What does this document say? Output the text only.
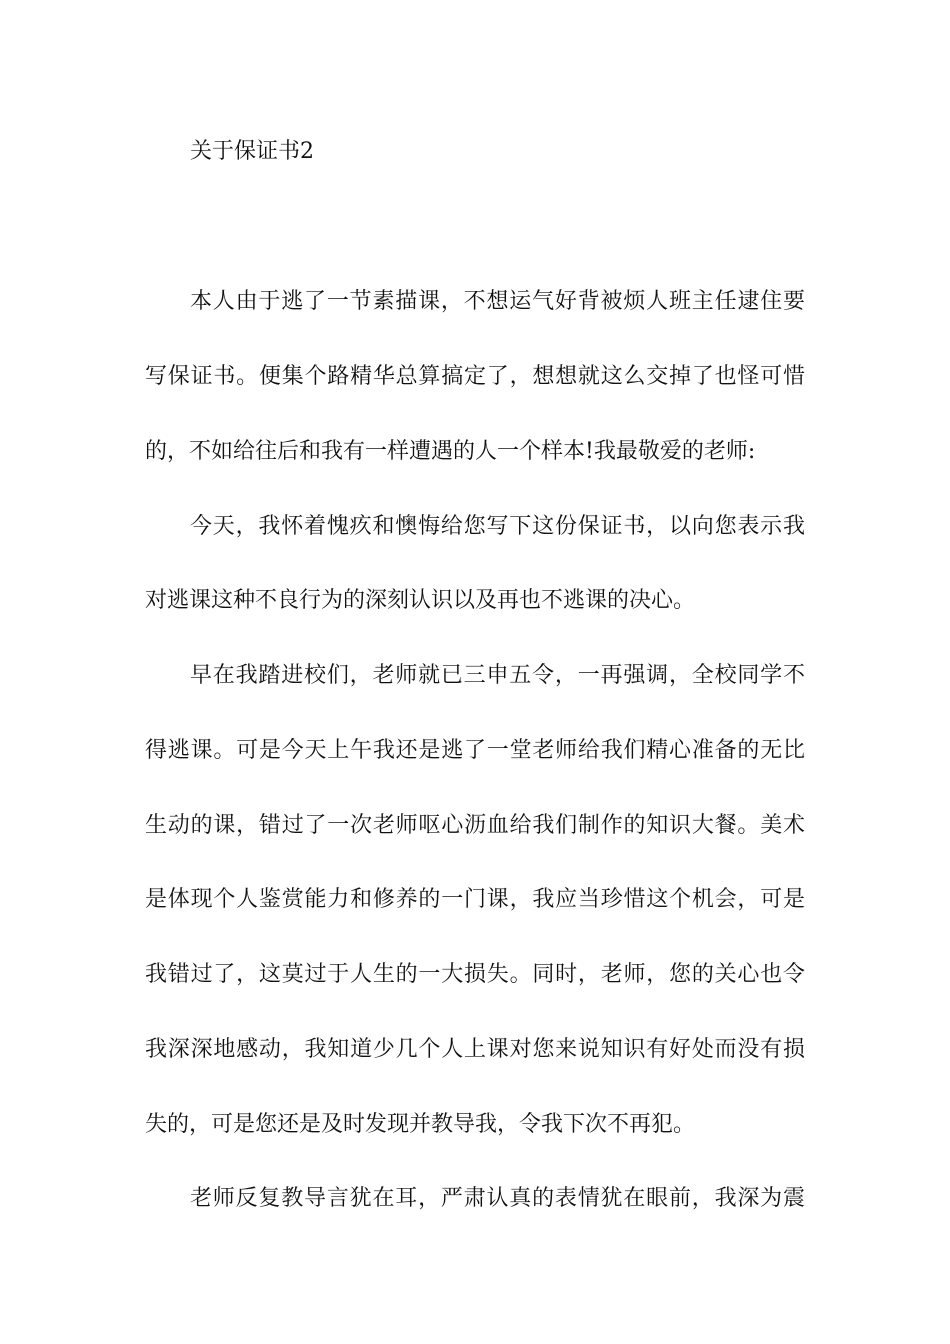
关于保证书2
本人由于逃了一节素描课，不想运气好背被烦人班主任逮住要
写保证书。便集个路精华总算搞定了，想想就这么交掉了也怪可惜
的，不如给往后和我有一样遭遇的人一个样本!我最敬爱的老师:
今天，我怀着愧疚和懊悔给您写下这份保证书，以向您表示我
对逃课这种不良行为的深刻认识以及再也不逃课的决心。
早在我踏进校们，老师就已三申五令，一再强调，全校同学不
得逃课。可是今天上午我还是逃了一堂老师给我们精心准备的无比
生动的课，错过了一次老师呕心沥血给我们制作的知识大餐。美术
是体现个人鉴赏能力和修养的一门课，我应当珍惜这个机会，可是
我错过了，这莫过于人生的一大损失。同时，老师，您的关心也令
我深深地感动，我知道少几个人上课对您来说知识有好处而没有损
失的，可是您还是及时发现并教导我，令我下次不再犯。
老师反复教导言犹在耳，严肃认真的表情犹在眼前，我深为震
